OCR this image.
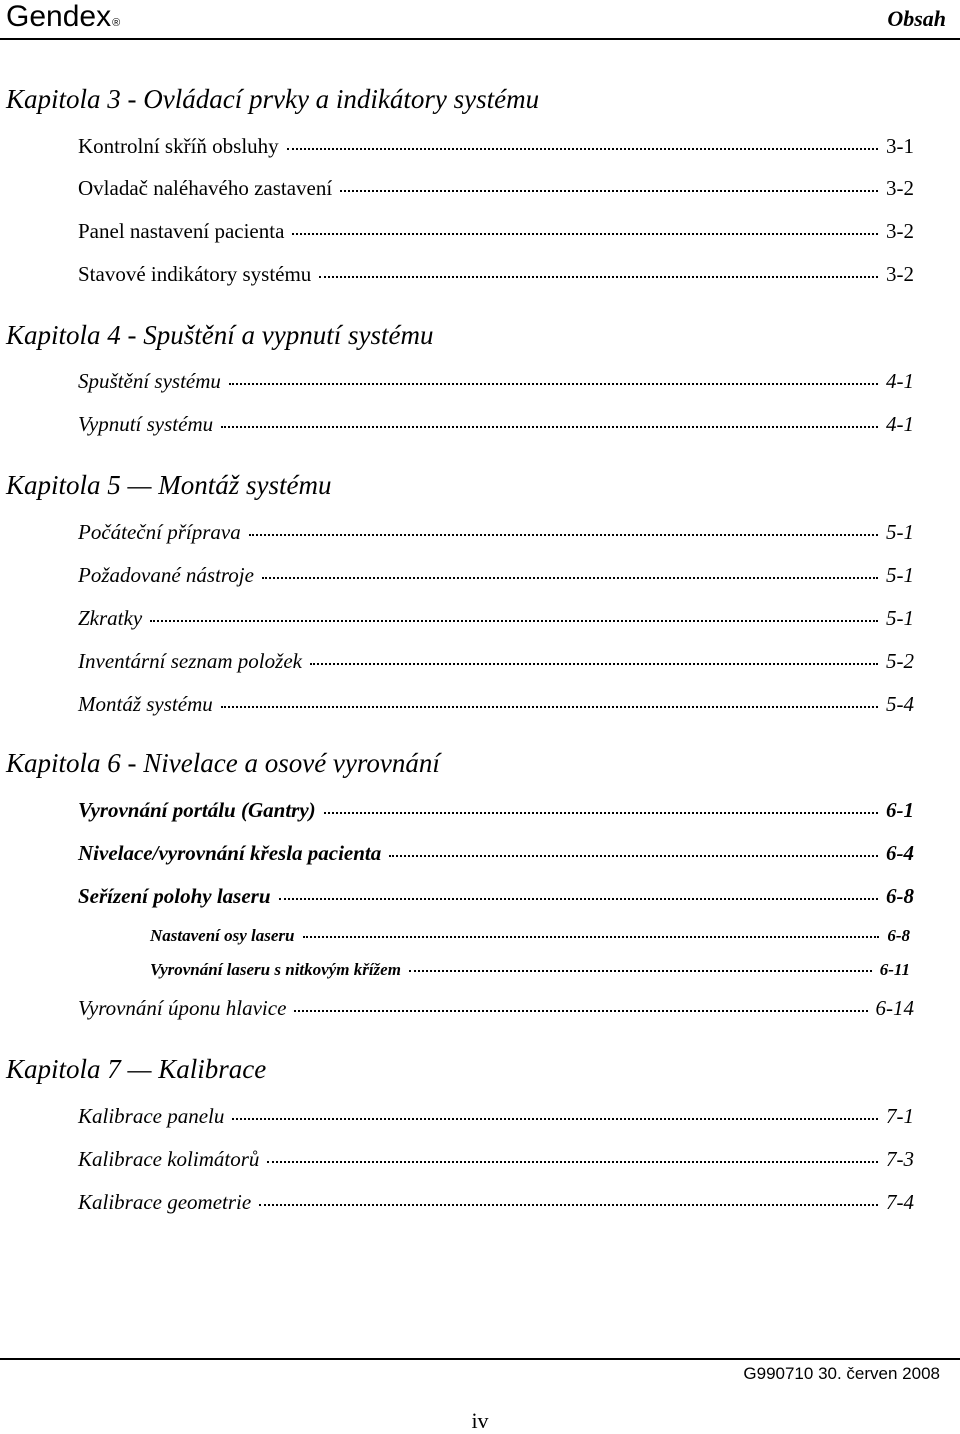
Gendex®	Obsah
Kapitola 3 - Ovládací prvky a indikátory systému
Kontrolní skříň obsluhy	3-1
Ovladač naléhavého zastavení	3-2
Panel nastavení pacienta	3-2
Stavové indikátory systému	3-2
Kapitola 4 - Spuštění a vypnutí systému
Spuštění systému	4-1
Vypnutí systému	4-1
Kapitola 5 — Montáž systému
Počáteční příprava	5-1
Požadované nástroje	5-1
Zkratky	5-1
Inventární seznam položek	5-2
Montáž systému	5-4
Kapitola 6 - Nivelace a osové vyrovnání
Vyrovnání portálu (Gantry)	6-1
Nivelace/vyrovnání křesla pacienta	6-4
Seřízení polohy laseru	6-8
Nastavení osy laseru	6-8
Vyrovnání laseru s nitkovým křížem	6-11
Vyrovnání úponu hlavice	6-14
Kapitola 7 — Kalibrace
Kalibrace panelu	7-1
Kalibrace kolimátorů	7-3
Kalibrace geometrie	7-4
G990710 30. červen 2008
iv
